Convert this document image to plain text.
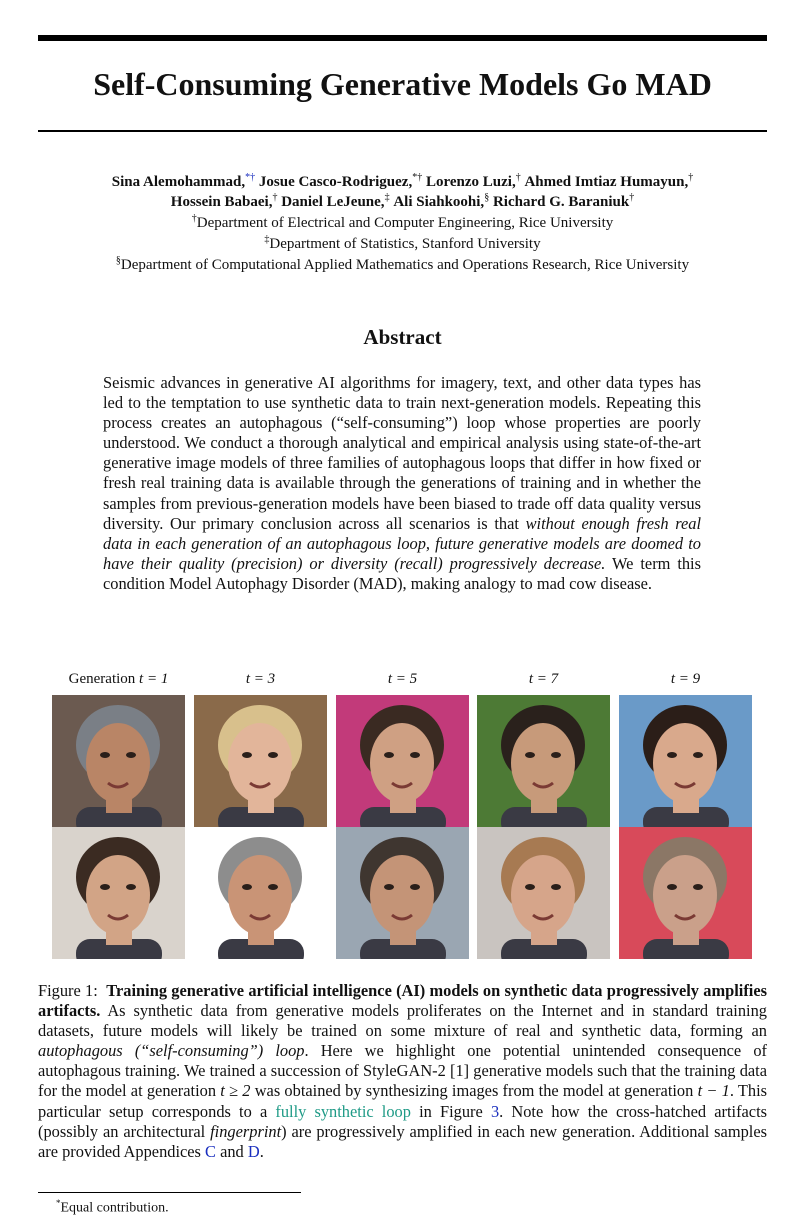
Self-Consuming Generative Models Go MAD
Sina Alemohammad,*† Josue Casco-Rodriguez,*† Lorenzo Luzi,† Ahmed Imtiaz Humayun,†
Hossein Babaei,† Daniel LeJeune,‡ Ali Siahkoohi,§ Richard G. Baraniuk†
†Department of Electrical and Computer Engineering, Rice University
‡Department of Statistics, Stanford University
§Department of Computational Applied Mathematics and Operations Research, Rice University
Abstract
Seismic advances in generative AI algorithms for imagery, text, and other data types has led to the temptation to use synthetic data to train next-generation models. Repeating this process creates an autophagous (“self-consuming”) loop whose properties are poorly understood. We conduct a thorough analytical and empirical analysis using state-of-the-art generative image models of three families of autophagous loops that differ in how fixed or fresh real training data is available through the generations of training and in whether the samples from previous-generation models have been biased to trade off data quality versus diversity. Our primary conclusion across all scenarios is that without enough fresh real data in each generation of an autophagous loop, future generative models are doomed to have their quality (precision) or diversity (recall) progressively decrease. We term this condition Model Autophagy Disorder (MAD), making analogy to mad cow disease.
Generation t = 1	t = 3	t = 5	t = 7	t = 9
Figure 1: Training generative artificial intelligence (AI) models on synthetic data progressively amplifies artifacts. As synthetic data from generative models proliferates on the Internet and in standard training datasets, future models will likely be trained on some mixture of real and synthetic data, forming an autophagous (“self-consuming”) loop. Here we highlight one potential unintended consequence of autophagous training. We trained a succession of StyleGAN-2 [1] generative models such that the training data for the model at generation t ≥ 2 was obtained by synthesizing images from the model at generation t − 1. This particular setup corresponds to a fully synthetic loop in Figure 3. Note how the cross-hatched artifacts (possibly an architectural fingerprint) are progressively amplified in each new generation. Additional samples are provided Appendices C and D.
*Equal contribution.
